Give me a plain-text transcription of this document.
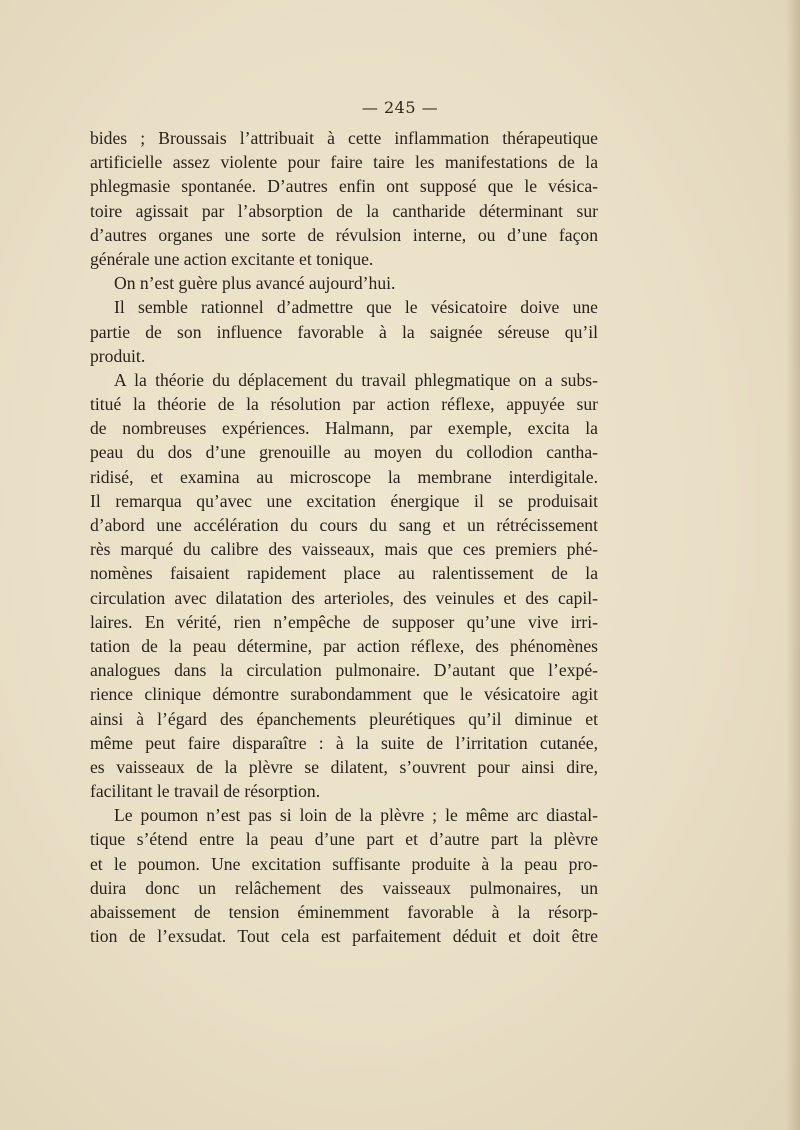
— 245 —
bides ; Broussais l’attribuait à cette inflammation thérapeutique
artificielle assez violente pour faire taire les manifestations de la
phlegmasie spontanée. D’autres enfin ont supposé que le vésica-
toire agissait par l’absorption de la cantharide déterminant sur
d’autres organes une sorte de révulsion interne, ou d’une façon
générale une action excitante et tonique.
On n’est guère plus avancé aujourd’hui.
Il semble rationnel d’admettre que le vésicatoire doive une
partie de son influence favorable à la saignée séreuse qu’il
produit.
A la théorie du déplacement du travail phlegmatique on a subs-
titué la théorie de la résolution par action réflexe, appuyée sur
de nombreuses expériences. Halmann, par exemple, excita la
peau du dos d’une grenouille au moyen du collodion cantha-
ridisé, et examina au microscope la membrane interdigitale.
Il remarqua qu’avec une excitation énergique il se produisait
d’abord une accélération du cours du sang et un rétrécissement
rès marqué du calibre des vaisseaux, mais que ces premiers phé-
nomènes faisaient rapidement place au ralentissement de la
circulation avec dilatation des arterioles, des veinules et des capil-
laires. En vérité, rien n’empêche de supposer qu’une vive irri-
tation de la peau détermine, par action réflexe, des phénomènes
analogues dans la circulation pulmonaire. D’autant que l’expé-
rience clinique démontre surabondamment que le vésicatoire agit
ainsi à l’égard des épanchements pleurétiques qu’il diminue et
même peut faire disparaître : à la suite de l’irritation cutanée,
es vaisseaux de la plèvre se dilatent, s’ouvrent pour ainsi dire,
facilitant le travail de résorption.
Le poumon n’est pas si loin de la plèvre ; le même arc diastal-
tique s’étend entre la peau d’une part et d’autre part la plèvre
et le poumon. Une excitation suffisante produite à la peau pro-
duira donc un relâchement des vaisseaux pulmonaires, un
abaissement de tension éminemment favorable à la résorp-
tion de l’exsudat. Tout cela est parfaitement déduit et doit être
